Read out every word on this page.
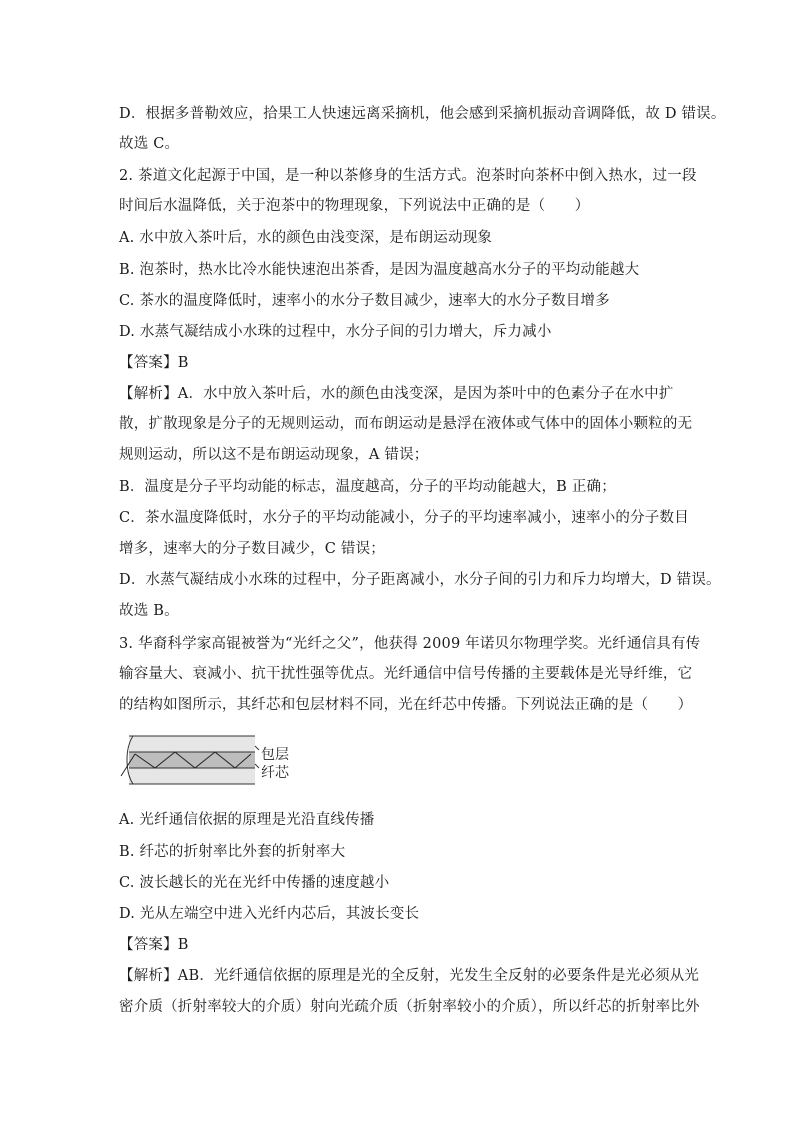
D．根据多普勒效应，拾果工人快速远离采摘机，他会感到采摘机振动音调降低，故 D 错误。
故选 C。
2. 茶道文化起源于中国，是一种以茶修身的生活方式。泡茶时向茶杯中倒入热水，过一段
时间后水温降低，关于泡茶中的物理现象，下列说法中正确的是（　　）
A. 水中放入茶叶后，水的颜色由浅变深，是布朗运动现象
B. 泡茶时，热水比冷水能快速泡出茶香，是因为温度越高水分子的平均动能越大
C. 茶水的温度降低时，速率小的水分子数目减少，速率大的水分子数目增多
D. 水蒸气凝结成小水珠的过程中，水分子间的引力增大，斥力减小
【答案】B
【解析】A．水中放入茶叶后，水的颜色由浅变深，是因为茶叶中的色素分子在水中扩
散，扩散现象是分子的无规则运动，而布朗运动是悬浮在液体或气体中的固体小颗粒的无
规则运动，所以这不是布朗运动现象，A 错误；
B．温度是分子平均动能的标志，温度越高，分子的平均动能越大，B 正确；
C．茶水温度降低时，水分子的平均动能减小，分子的平均速率减小，速率小的分子数目
增多，速率大的分子数目减少，C 错误；
D．水蒸气凝结成小水珠的过程中，分子距离减小，水分子间的引力和斥力均增大，D 错误。
故选 B。
3. 华裔科学家高锟被誉为“光纤之父”，他获得 2009 年诺贝尔物理学奖。光纤通信具有传
输容量大、衰减小、抗干扰性强等优点。光纤通信中信号传播的主要载体是光导纤维，它
的结构如图所示，其纤芯和包层材料不同，光在纤芯中传播。下列说法正确的是（　　）
包层
纤芯
A. 光纤通信依据的原理是光沿直线传播
B. 纤芯的折射率比外套的折射率大
C. 波长越长的光在光纤中传播的速度越小
D. 光从左端空中进入光纤内芯后，其波长变长
【答案】B
【解析】AB．光纤通信依据的原理是光的全反射，光发生全反射的必要条件是光必须从光
密介质（折射率较大的介质）射向光疏介质（折射率较小的介质），所以纤芯的折射率比外
